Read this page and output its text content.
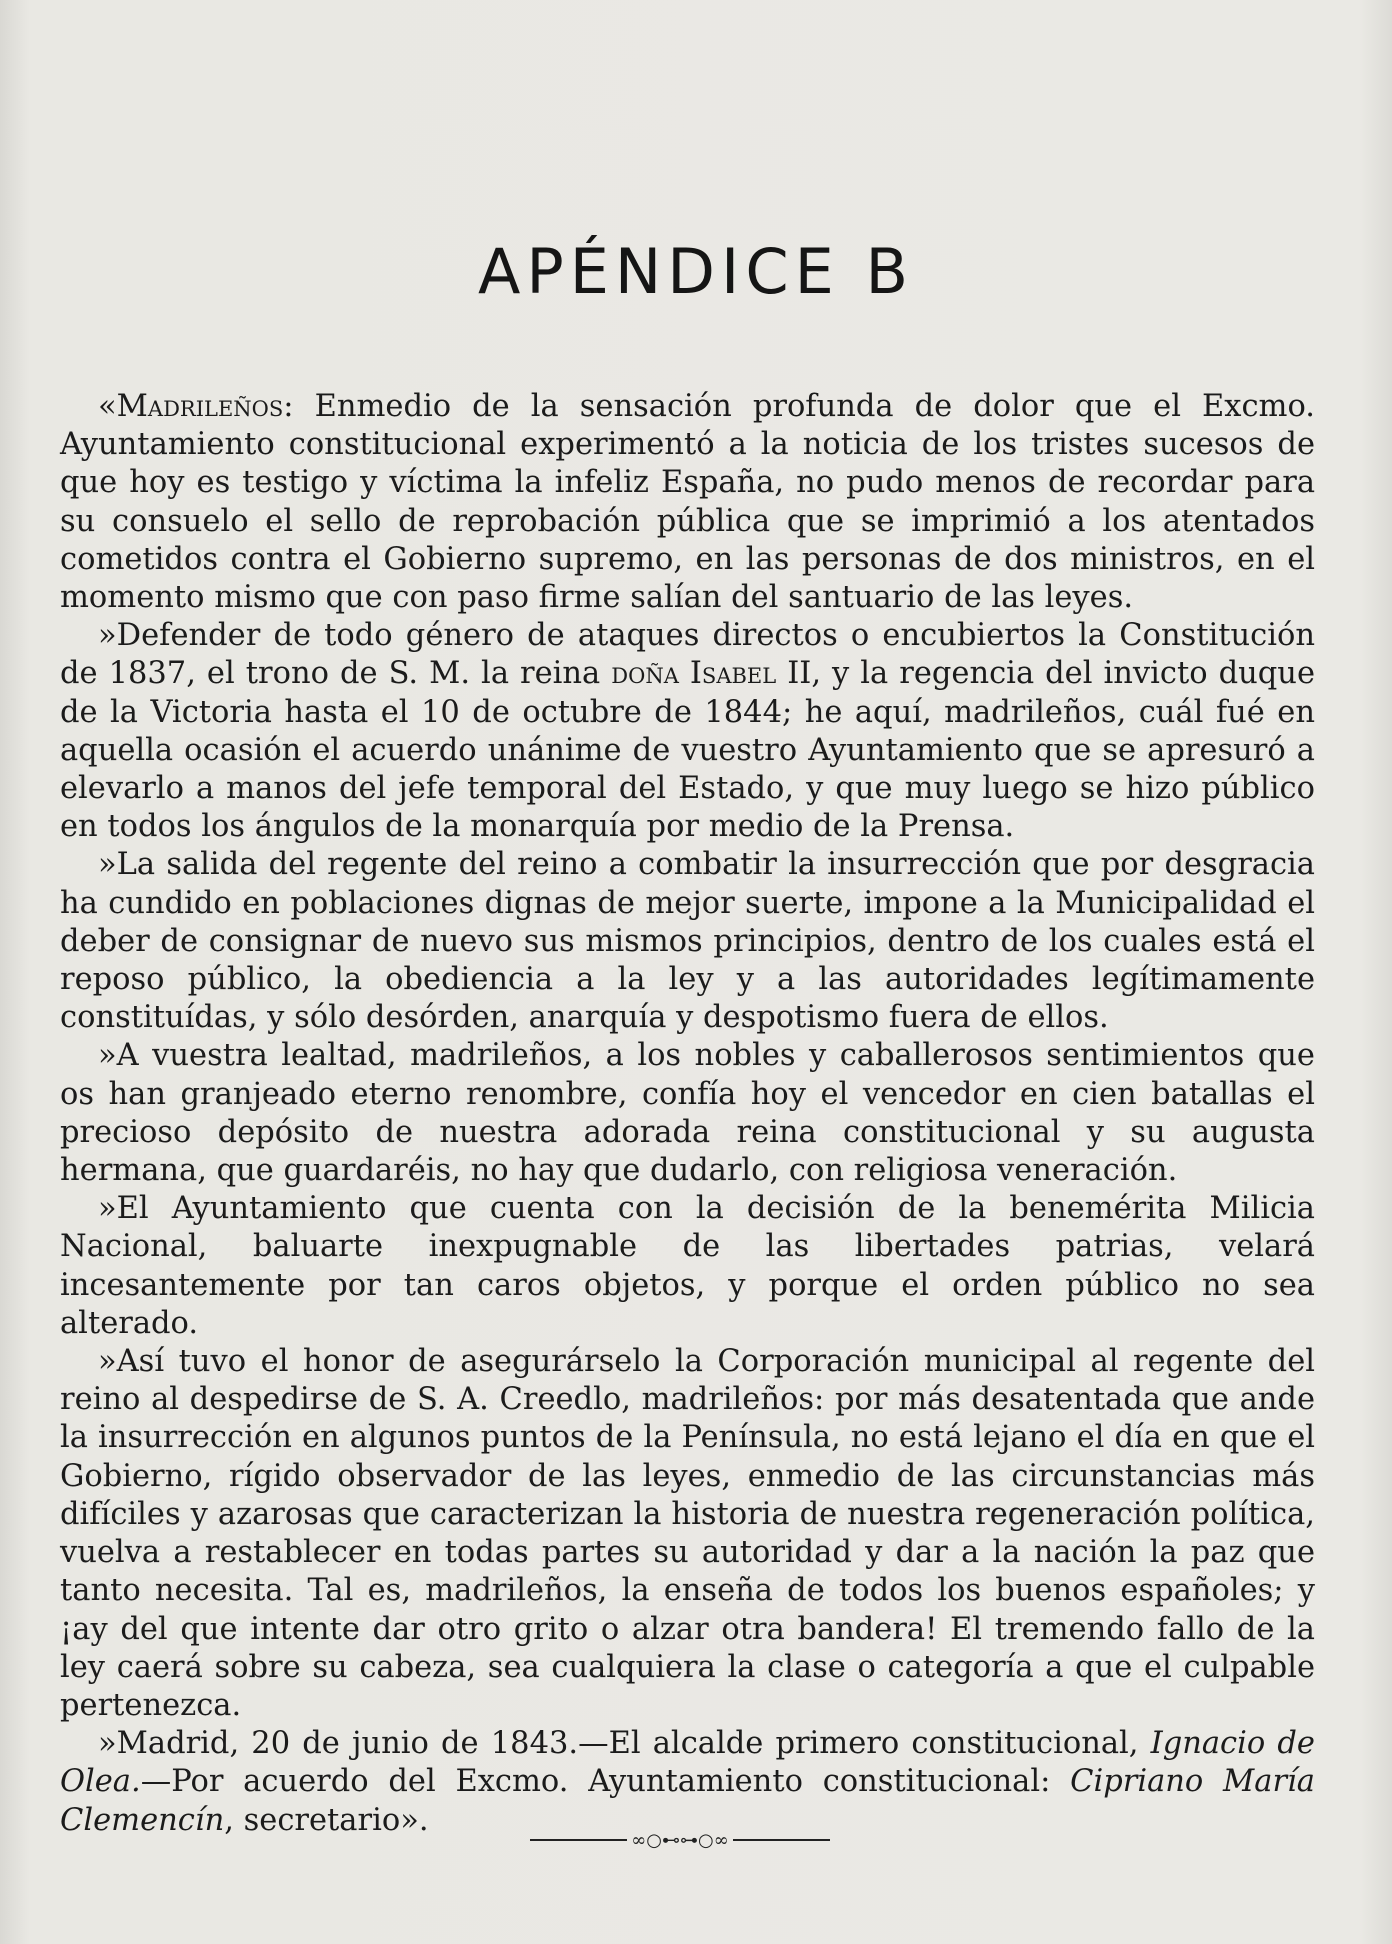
APÉNDICE B

«Madrileños: Enmedio de la sensación profunda de dolor que el Excmo. Ayuntamiento constitucional experimentó a la noticia de los tristes sucesos de que hoy es testigo y víctima la infeliz España, no pudo menos de recordar para su consuelo el sello de reprobación pública que se imprimió a los atentados cometidos contra el Gobierno supremo, en las personas de dos ministros, en el momento mismo que con paso firme salían del santuario de las leyes.

»Defender de todo género de ataques directos o encubiertos la Constitución de 1837, el trono de S. M. la reina doña Isabel II, y la regencia del invicto duque de la Victoria hasta el 10 de octubre de 1844; he aquí, madrileños, cuál fué en aquella ocasión el acuerdo unánime de vuestro Ayuntamiento que se apresuró a elevarlo a manos del jefe temporal del Estado, y que muy luego se hizo público en todos los ángulos de la monarquía por medio de la Prensa.

»La salida del regente del reino a combatir la insurrección que por desgracia ha cundido en poblaciones dignas de mejor suerte, impone a la Municipalidad el deber de consignar de nuevo sus mismos principios, dentro de los cuales está el reposo público, la obediencia a la ley y a las autoridades legítimamente constituídas, y sólo desórden, anarquía y despotismo fuera de ellos.

»A vuestra lealtad, madrileños, a los nobles y caballerosos sentimientos que os han granjeado eterno renombre, confía hoy el vencedor en cien batallas el precioso depósito de nuestra adorada reina constitucional y su augusta hermana, que guardaréis, no hay que dudarlo, con religiosa veneración.

»El Ayuntamiento que cuenta con la decisión de la benemérita Milicia Nacional, baluarte inexpugnable de las libertades patrias, velará incesantemente por tan caros objetos, y porque el orden público no sea alterado.

»Así tuvo el honor de asegurárselo la Corporación municipal al regente del reino al despedirse de S. A. Creedlo, madrileños: por más desatentada que ande la insurrección en algunos puntos de la Península, no está lejano el día en que el Gobierno, rígido observador de las leyes, enmedio de las circunstancias más difíciles y azarosas que caracterizan la historia de nuestra regeneración política, vuelva a restablecer en todas partes su autoridad y dar a la nación la paz que tanto necesita. Tal es, madrileños, la enseña de todos los buenos españoles; y ¡ay del que intente dar otro grito o alzar otra bandera! El tremendo fallo de la ley caerá sobre su cabeza, sea cualquiera la clase o categoría a que el culpable pertenezca.

»Madrid, 20 de junio de 1843.—El alcalde primero constitucional, Ignacio de Olea.—Por acuerdo del Excmo. Ayuntamiento constitucional: Cipriano María Clemencín, secretario».

∞○⊷⊶○∞
